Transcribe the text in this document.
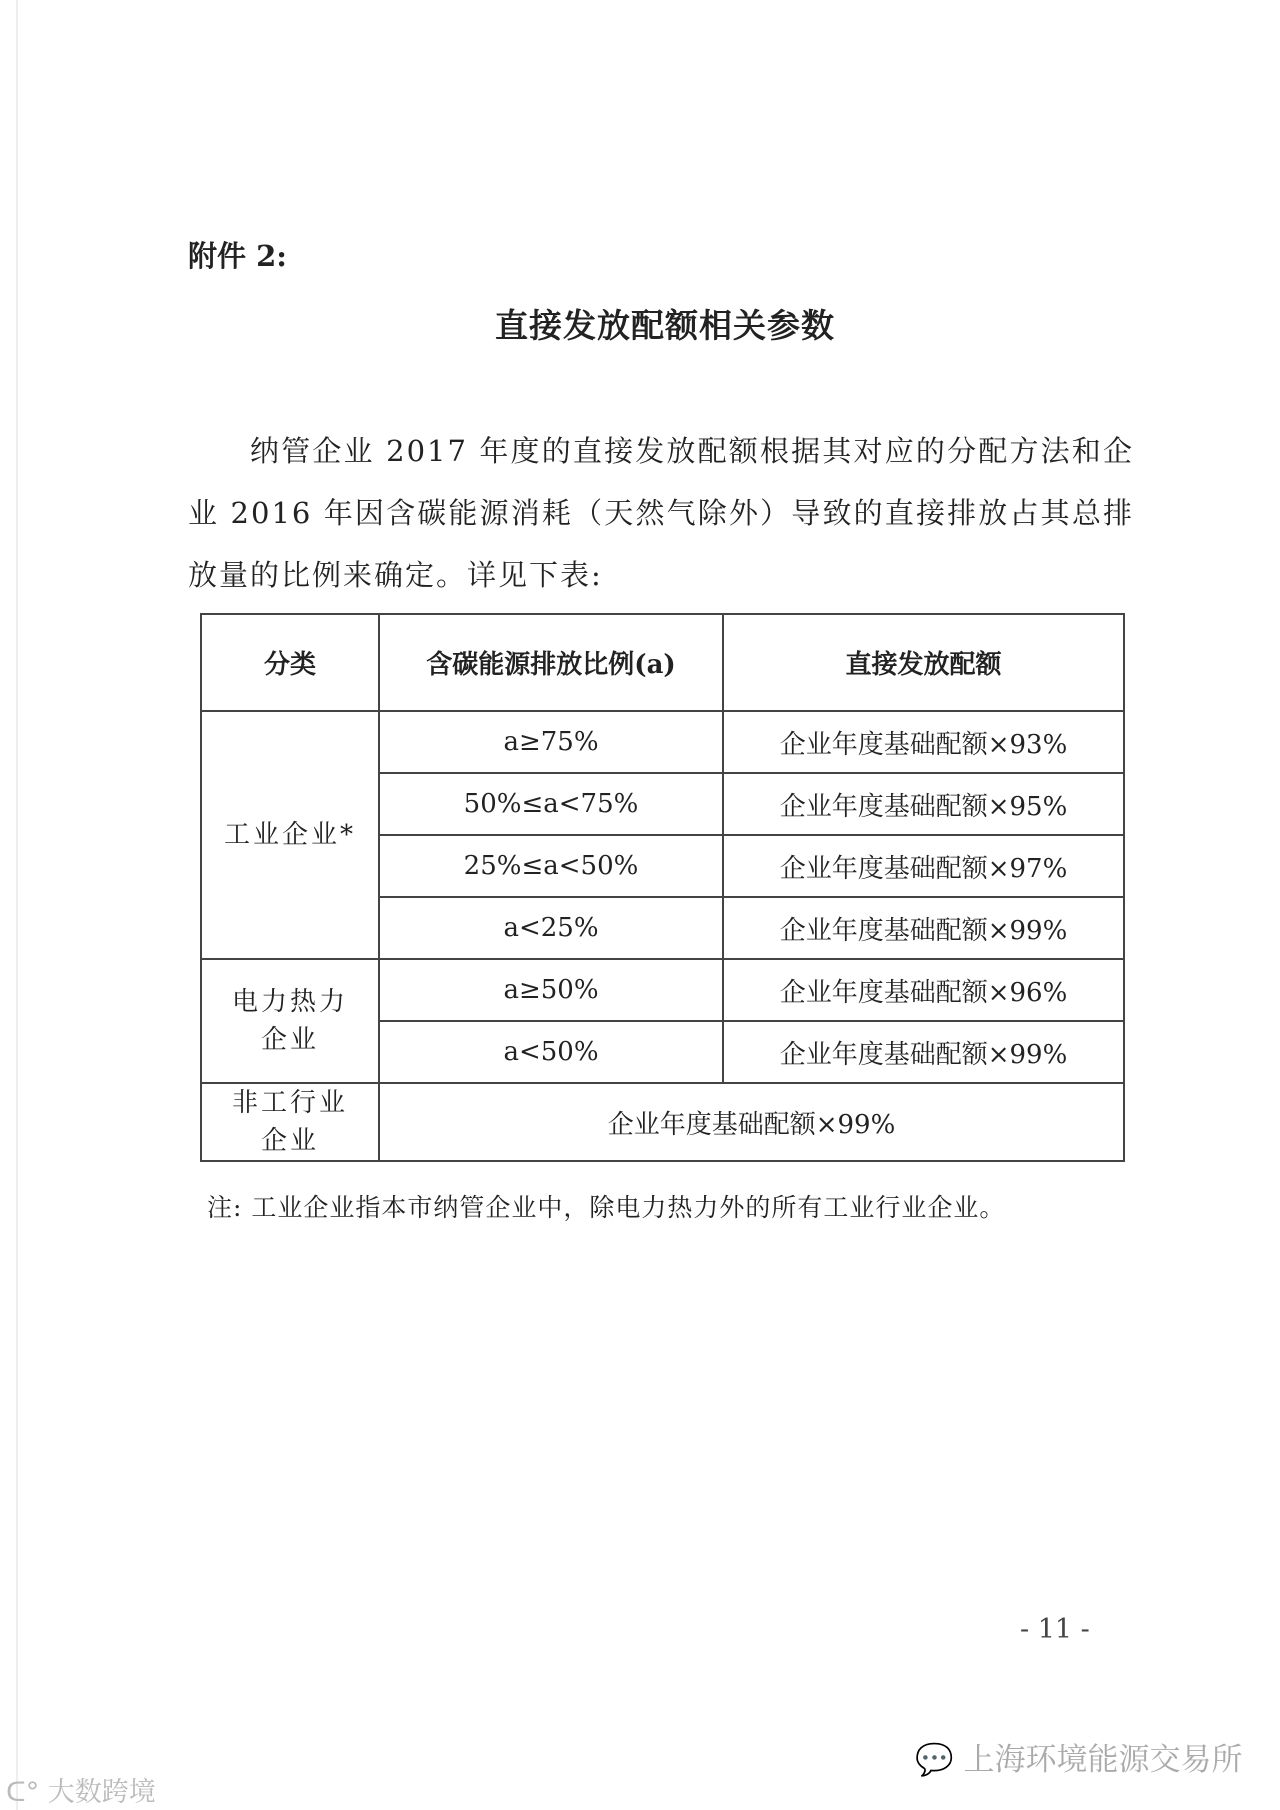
附件 2:
直接发放配额相关参数
纳管企业 2017 年度的直接发放配额根据其对应的分配方法和企业 2016 年因含碳能源消耗（天然气除外）导致的直接排放占其总排放量的比例来确定。详见下表:
分类	含碳能源排放比例(a)	直接发放配额
工业企业*	a≥75%	企业年度基础配额×93%
	50%≤a<75%	企业年度基础配额×95%
	25%≤a<50%	企业年度基础配额×97%
	a<25%	企业年度基础配额×99%

电力热力
企业	a≥50%	企业年度基础配额×96%
	a<50%	企业年度基础配额×99%

非工行业
企业	企业年度基础配额×99%	
注: 工业企业指本市纳管企业中，除电力热力外的所有工业行业企业。
- 11 -
💬 上海环境能源交易所
ᑕ° 大数跨境
